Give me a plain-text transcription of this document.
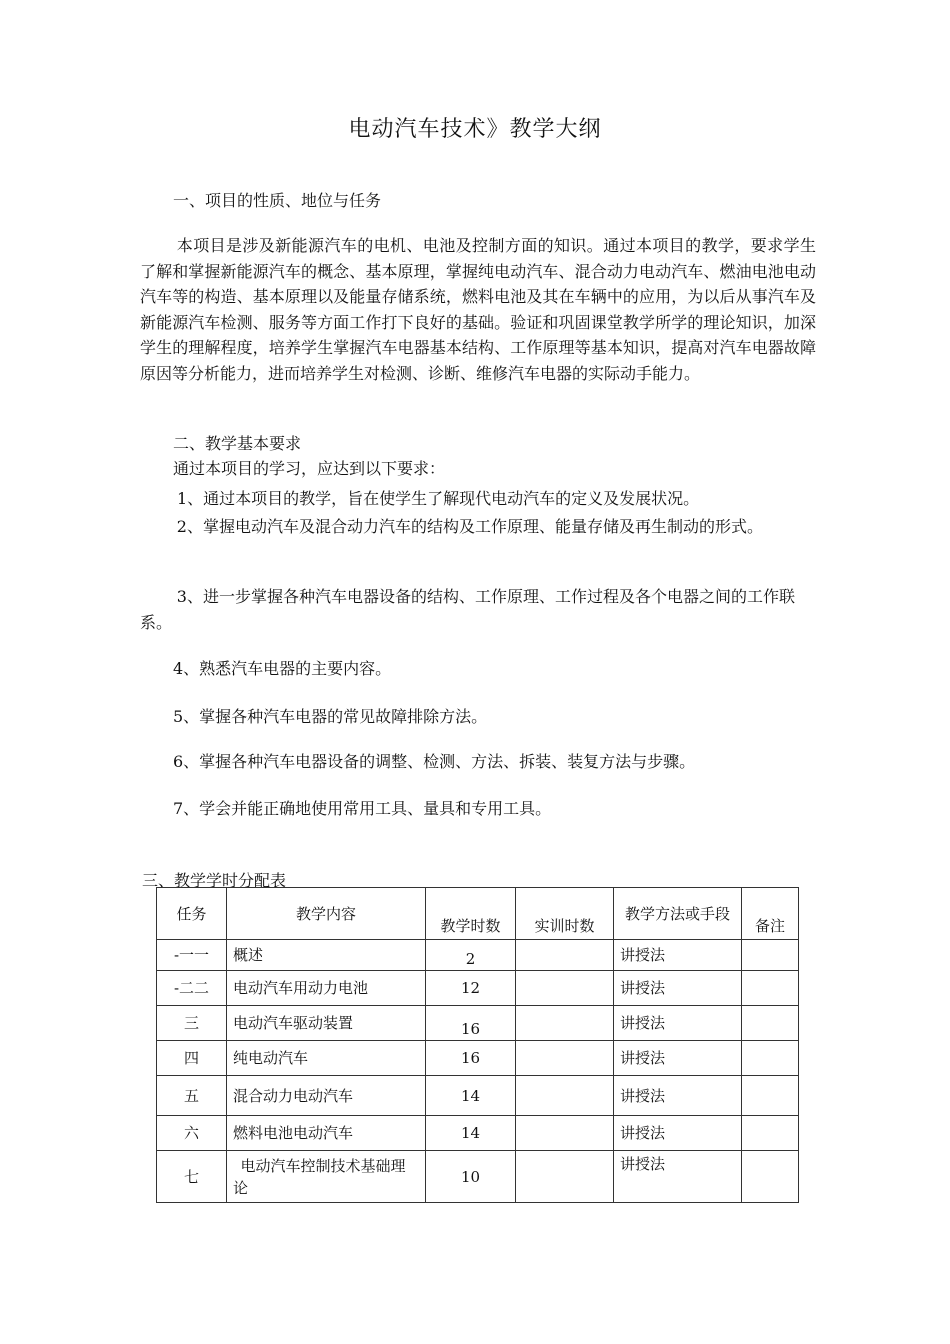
电动汽车技术》教学大纲
一、项目的性质、地位与任务

本项目是涉及新能源汽车的电机、电池及控制方面的知识。通过本项目的教学，要求学生了解和掌握新能源汽车的概念、基本原理，掌握纯电动汽车、混合动力电动汽车、燃油电池电动汽车等的构造、基本原理以及能量存储系统，燃料电池及其在车辆中的应用，为以后从事汽车及新能源汽车检测、服务等方面工作打下良好的基础。验证和巩固课堂教学所学的理论知识，加深学生的理解程度，培养学生掌握汽车电器基本结构、工作原理等基本知识，提高对汽车电器故障原因等分析能力，进而培养学生对检测、诊断、维修汽车电器的实际动手能力。

二、教学基本要求
通过本项目的学习，应达到以下要求：
1、通过本项目的教学，旨在使学生了解现代电动汽车的定义及发展状况。

2、掌握电动汽车及混合动力汽车的结构及工作原理、能量存储及再生制动的形式。

3、进一步掌握各种汽车电器设备的结构、工作原理、工作过程及各个电器之间的工作联系。

4、熟悉汽车电器的主要内容。
5、掌握各种汽车电器的常见故障排除方法。
6、掌握各种汽车电器设备的调整、检测、方法、拆装、装复方法与步骤。
7、学会并能正确地使用常用工具、量具和专用工具。
三、教学学时分配表
任务	教学内容	教学时数	实训时数	教学方法或手段	备注
-一一	概述	2		讲授法	
-二二	电动汽车用动力电池	12		讲授法	
三	电动汽车驱动装置	16		讲授法	
四	纯电动汽车	16		讲授法	
五	混合动力电动汽车	14		讲授法	
六	燃料电池电动汽车	14		讲授法	
七	电动汽车控制技术基础理论	10		讲授法	
